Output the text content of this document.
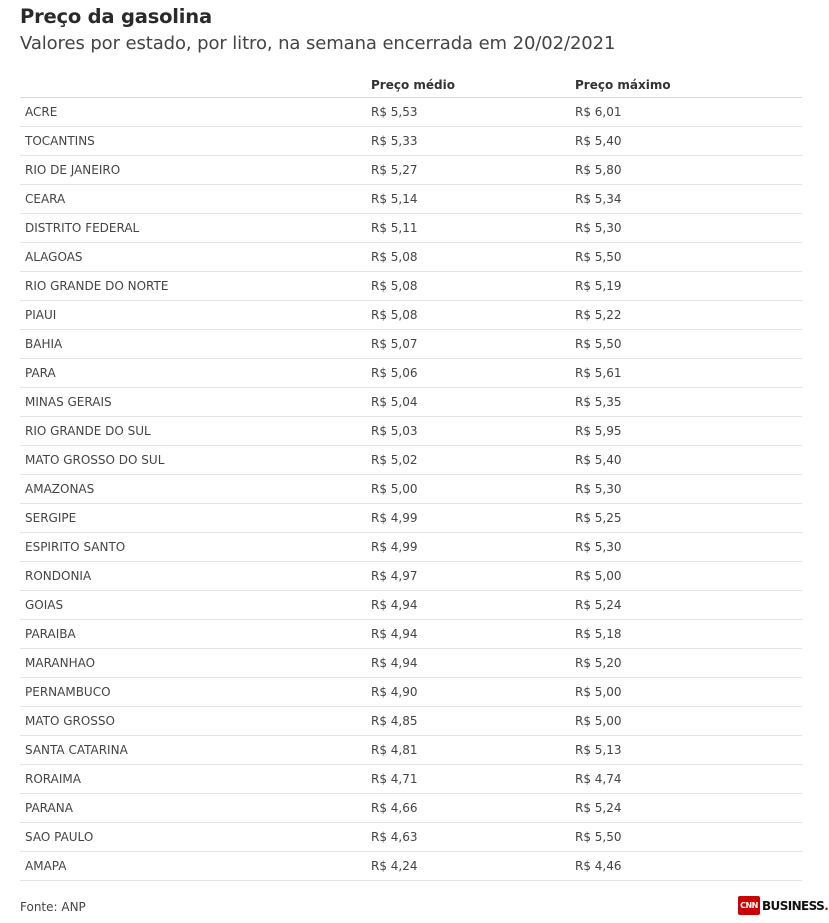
Preço da gasolina
Valores por estado, por litro, na semana encerrada em 20/02/2021
	Preço médio	Preço máximo
ACRE	R$ 5,53	R$ 6,01
TOCANTINS	R$ 5,33	R$ 5,40
RIO DE JANEIRO	R$ 5,27	R$ 5,80
CEARA	R$ 5,14	R$ 5,34
DISTRITO FEDERAL	R$ 5,11	R$ 5,30
ALAGOAS	R$ 5,08	R$ 5,50
RIO GRANDE DO NORTE	R$ 5,08	R$ 5,19
PIAUI	R$ 5,08	R$ 5,22
BAHIA	R$ 5,07	R$ 5,50
PARA	R$ 5,06	R$ 5,61
MINAS GERAIS	R$ 5,04	R$ 5,35
RIO GRANDE DO SUL	R$ 5,03	R$ 5,95
MATO GROSSO DO SUL	R$ 5,02	R$ 5,40
AMAZONAS	R$ 5,00	R$ 5,30
SERGIPE	R$ 4,99	R$ 5,25
ESPIRITO SANTO	R$ 4,99	R$ 5,30
RONDONIA	R$ 4,97	R$ 5,00
GOIAS	R$ 4,94	R$ 5,24
PARAIBA	R$ 4,94	R$ 5,18
MARANHAO	R$ 4,94	R$ 5,20
PERNAMBUCO	R$ 4,90	R$ 5,00
MATO GROSSO	R$ 4,85	R$ 5,00
SANTA CATARINA	R$ 4,81	R$ 5,13
RORAIMA	R$ 4,71	R$ 4,74
PARANA	R$ 4,66	R$ 5,24
SAO PAULO	R$ 4,63	R$ 5,50
AMAPA	R$ 4,24	R$ 4,46
Fonte: ANP	CNN BUSINESS .
